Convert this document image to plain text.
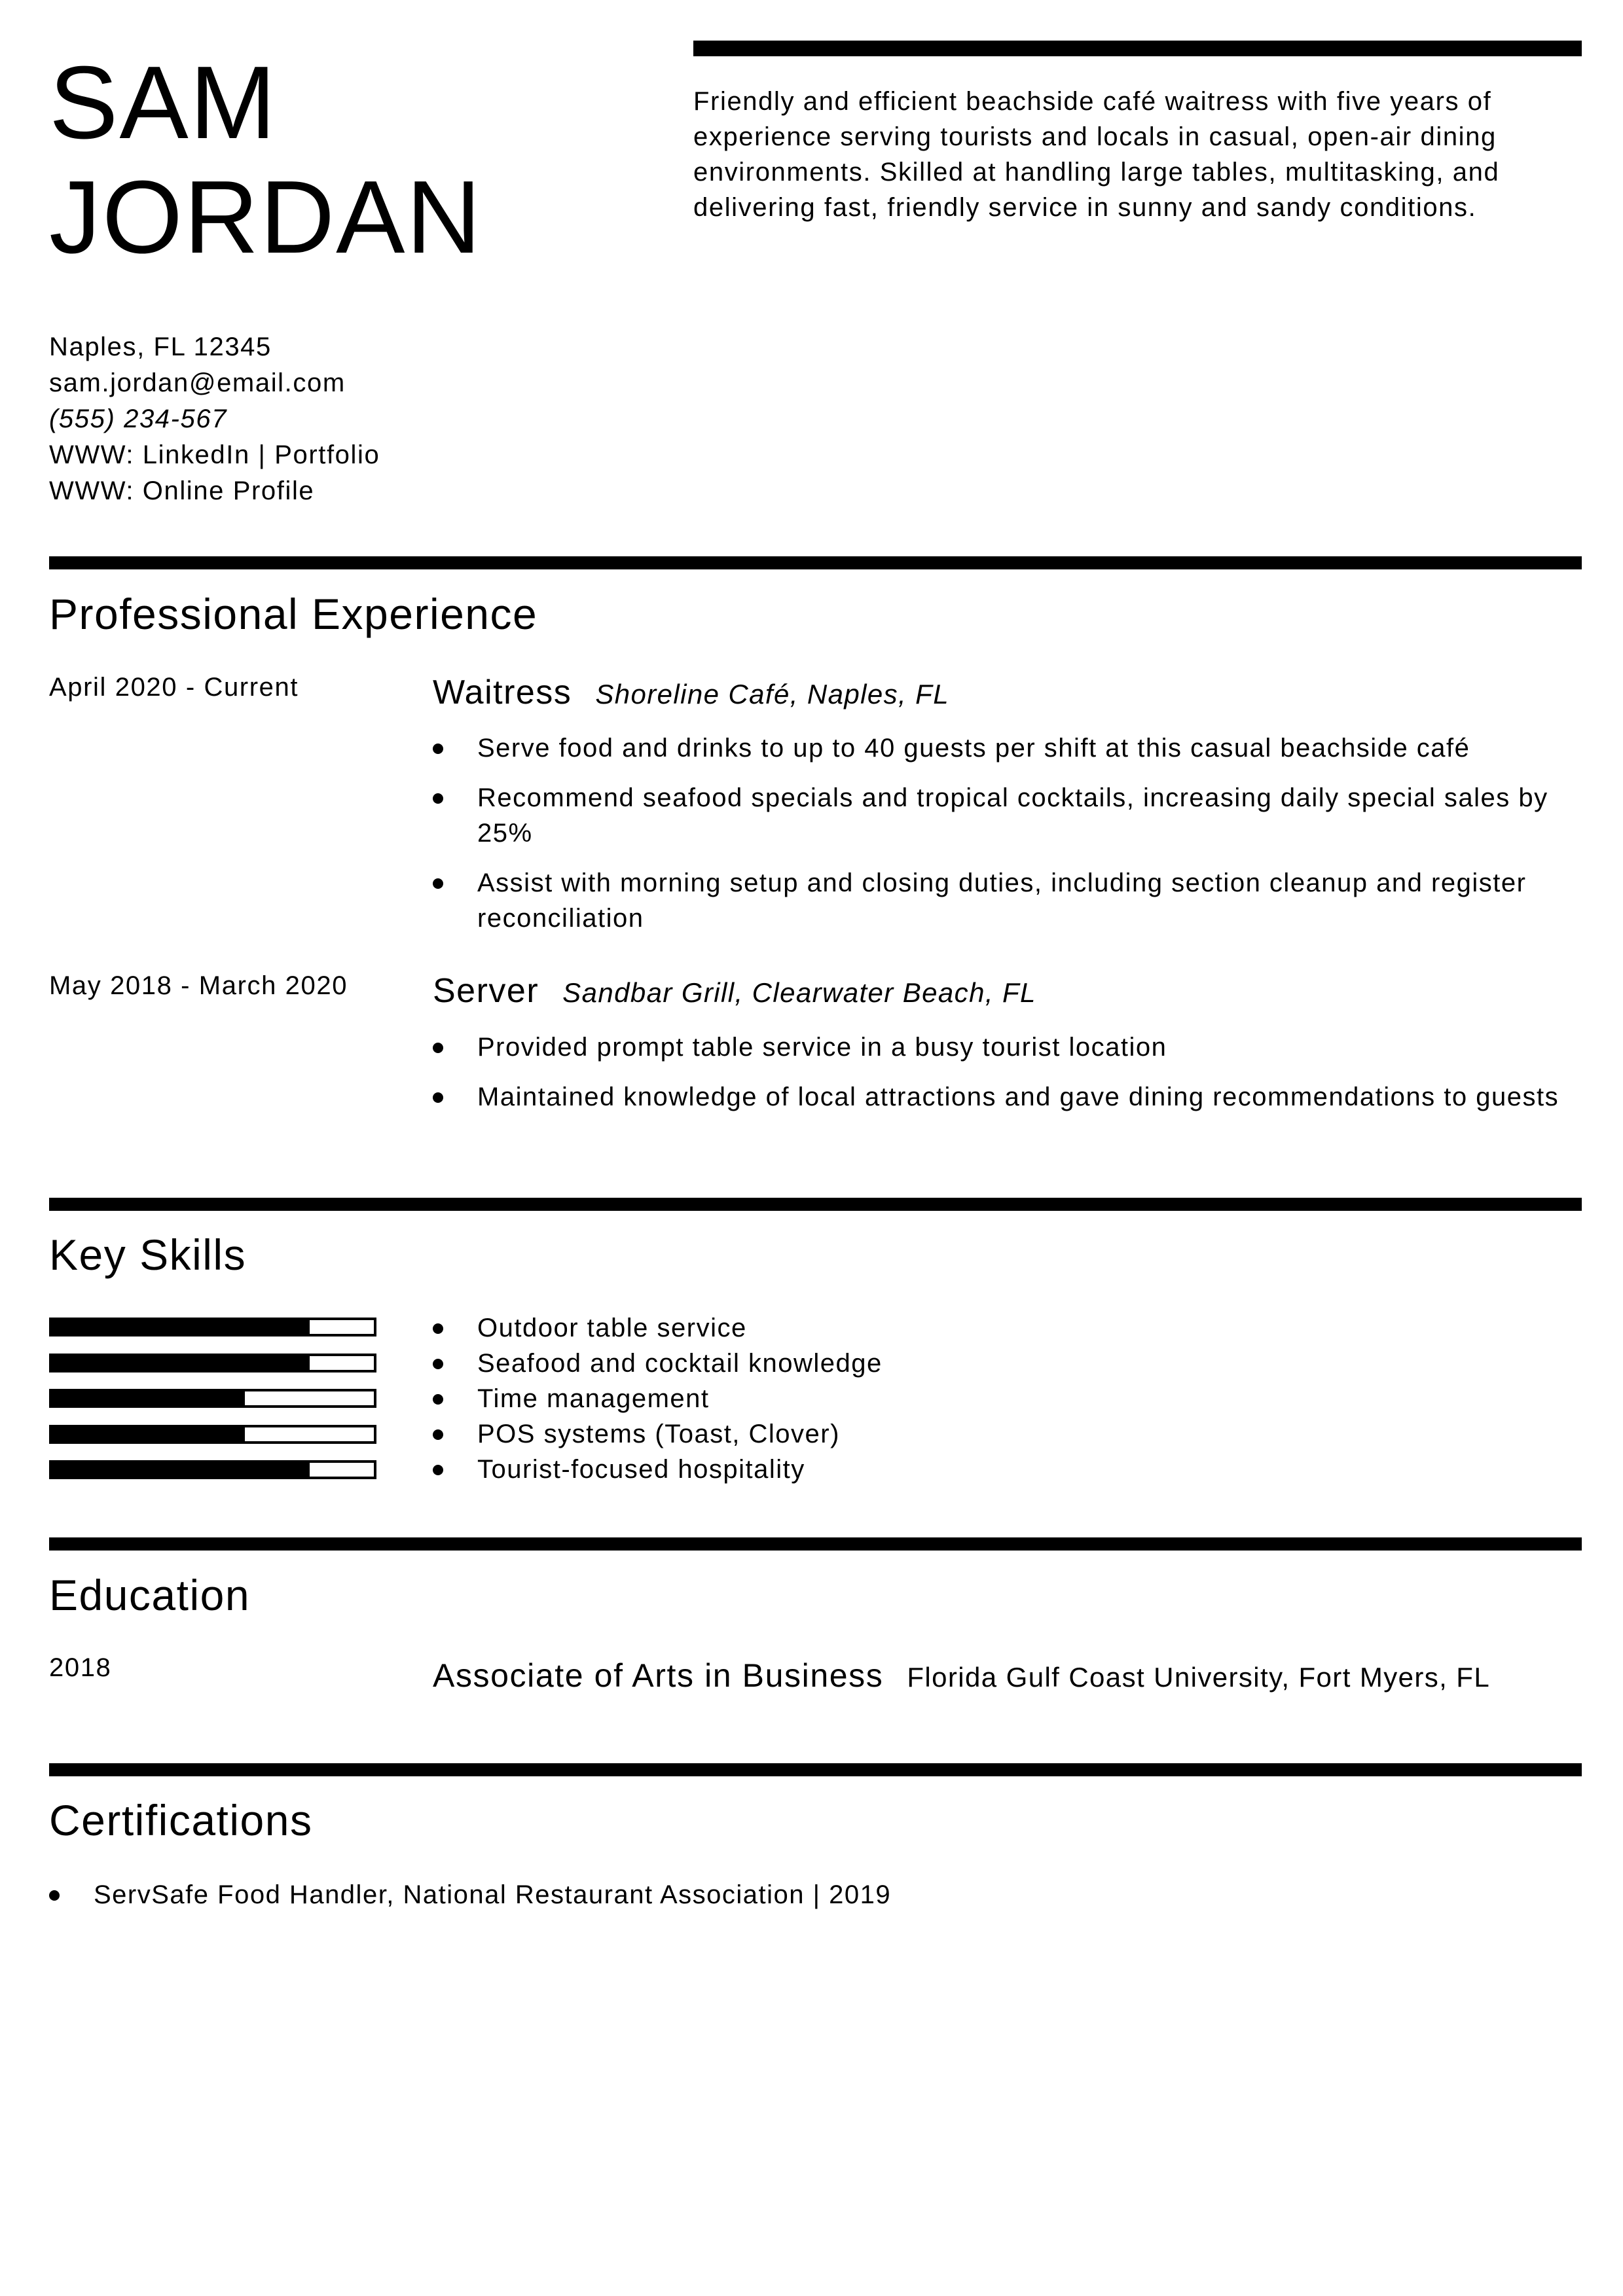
SAM
JORDAN
Friendly and efficient beachside café waitress with five years of experience serving tourists and locals in casual, open-air dining environments. Skilled at handling large tables, multitasking, and delivering fast, friendly service in sunny and sandy conditions.
Naples, FL 12345
sam.jordan@email.com
(555) 234-567
WWW: LinkedIn | Portfolio
WWW: Online Profile
Professional Experience
April 2020 - Current	Waitress Shoreline Café, Naples, FL
Serve food and drinks to up to 40 guests per shift at this casual beachside café
Recommend seafood specials and tropical cocktails, increasing daily special sales by 25%
Assist with morning setup and closing duties, including section cleanup and register reconciliation
May 2018 - March 2020 Server Sandbar Grill, Clearwater Beach, FL
Provided prompt table service in a busy tourist location
Maintained knowledge of local attractions and gave dining recommendations to guests
Key Skills
Outdoor table service
Seafood and cocktail knowledge
Time management
POS systems (Toast, Clover)
Tourist-focused hospitality
Education
2018	Associate of Arts in Business Florida Gulf Coast University, Fort Myers, FL
Certifications
ServSafe Food Handler, National Restaurant Association | 2019
